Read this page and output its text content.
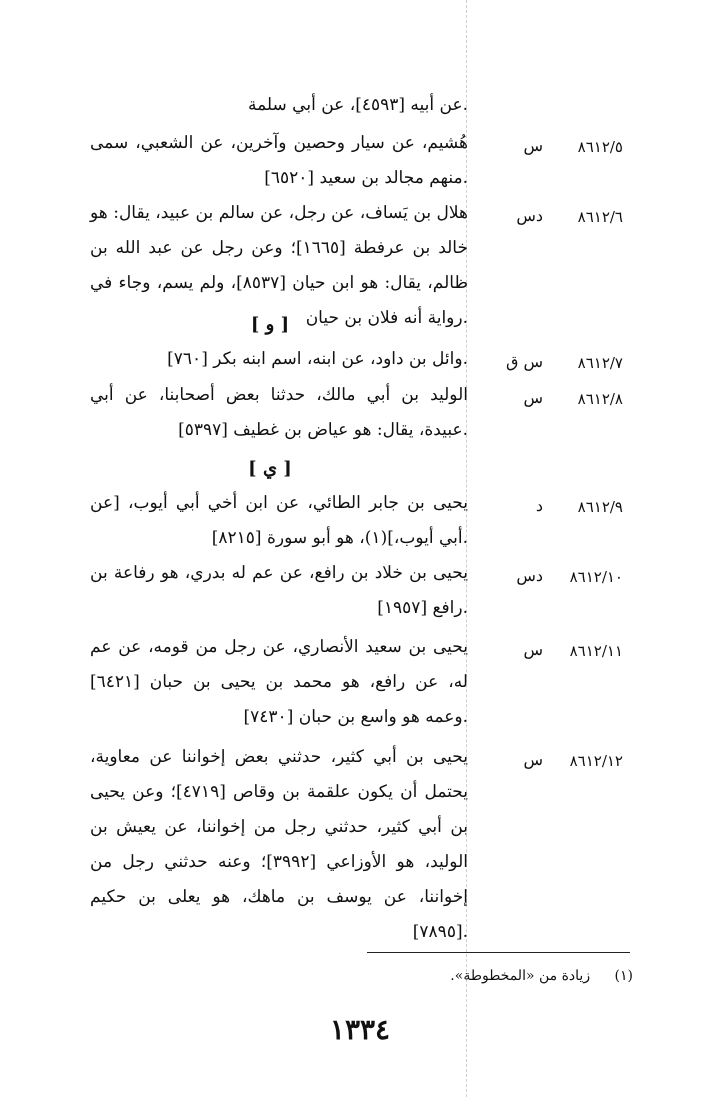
عن أبيه [٤٥٩٣]، عن أبي سلمة.
٨٦١٢/٥
س
هُشيم، عن سيار وحصين وآخرين، عن الشعبي، سمى منهم مجالد بن سعيد [٦٥٢٠].
٨٦١٢/٦
دس
هلال بن يَساف، عن رجل، عن سالم بن عبيد، يقال: هو خالد بن عرفطة [١٦٦٥]؛ وعن رجل عن عبد الله بن ظالم، يقال: هو ابن حيان [٨٥٣٧]، ولم يسم، وجاء في رواية أنه فلان بن حيان.
[ و ]
٨٦١٢/٧
س ق
وائل بن داود، عن ابنه، اسم ابنه بكر [٧٦٠].
٨٦١٢/٨
س
الوليد بن أبي مالك، حدثنا بعض أصحابنا، عن أبي عبيدة، يقال: هو عياض بن غطيف [٥٣٩٧].
[ ي ]
٨٦١٢/٩
د
يحيى بن جابر الطائي، عن ابن أخي أبي أيوب، [عن أبي أيوب،](١)، هو أبو سورة [٨٢١٥].
٨٦١٢/١٠
دس
يحيى بن خلاد بن رافع، عن عم له بدري، هو رفاعة بن رافع [١٩٥٧].
٨٦١٢/١١
س
يحيى بن سعيد الأنصاري، عن رجل من قومه، عن عم له، عن رافع، هو محمد بن يحيى بن حبان [٦٤٢١] وعمه هو واسع بن حبان [٧٤٣٠].
٨٦١٢/١٢
س
يحيى بن أبي كثير، حدثني بعض إخواننا عن معاوية، يحتمل أن يكون علقمة بن وقاص [٤٧١٩]؛ وعن يحيى بن أبي كثير، حدثني رجل من إخواننا، عن يعيش بن الوليد، هو الأوزاعي [٣٩٩٢]؛ وعنه حدثني رجل من إخواننا، عن يوسف بن ماهك، هو يعلى بن حكيم [٧٨٩٥].
(١) زيادة من «المخطوطة».
١٣٣٤
